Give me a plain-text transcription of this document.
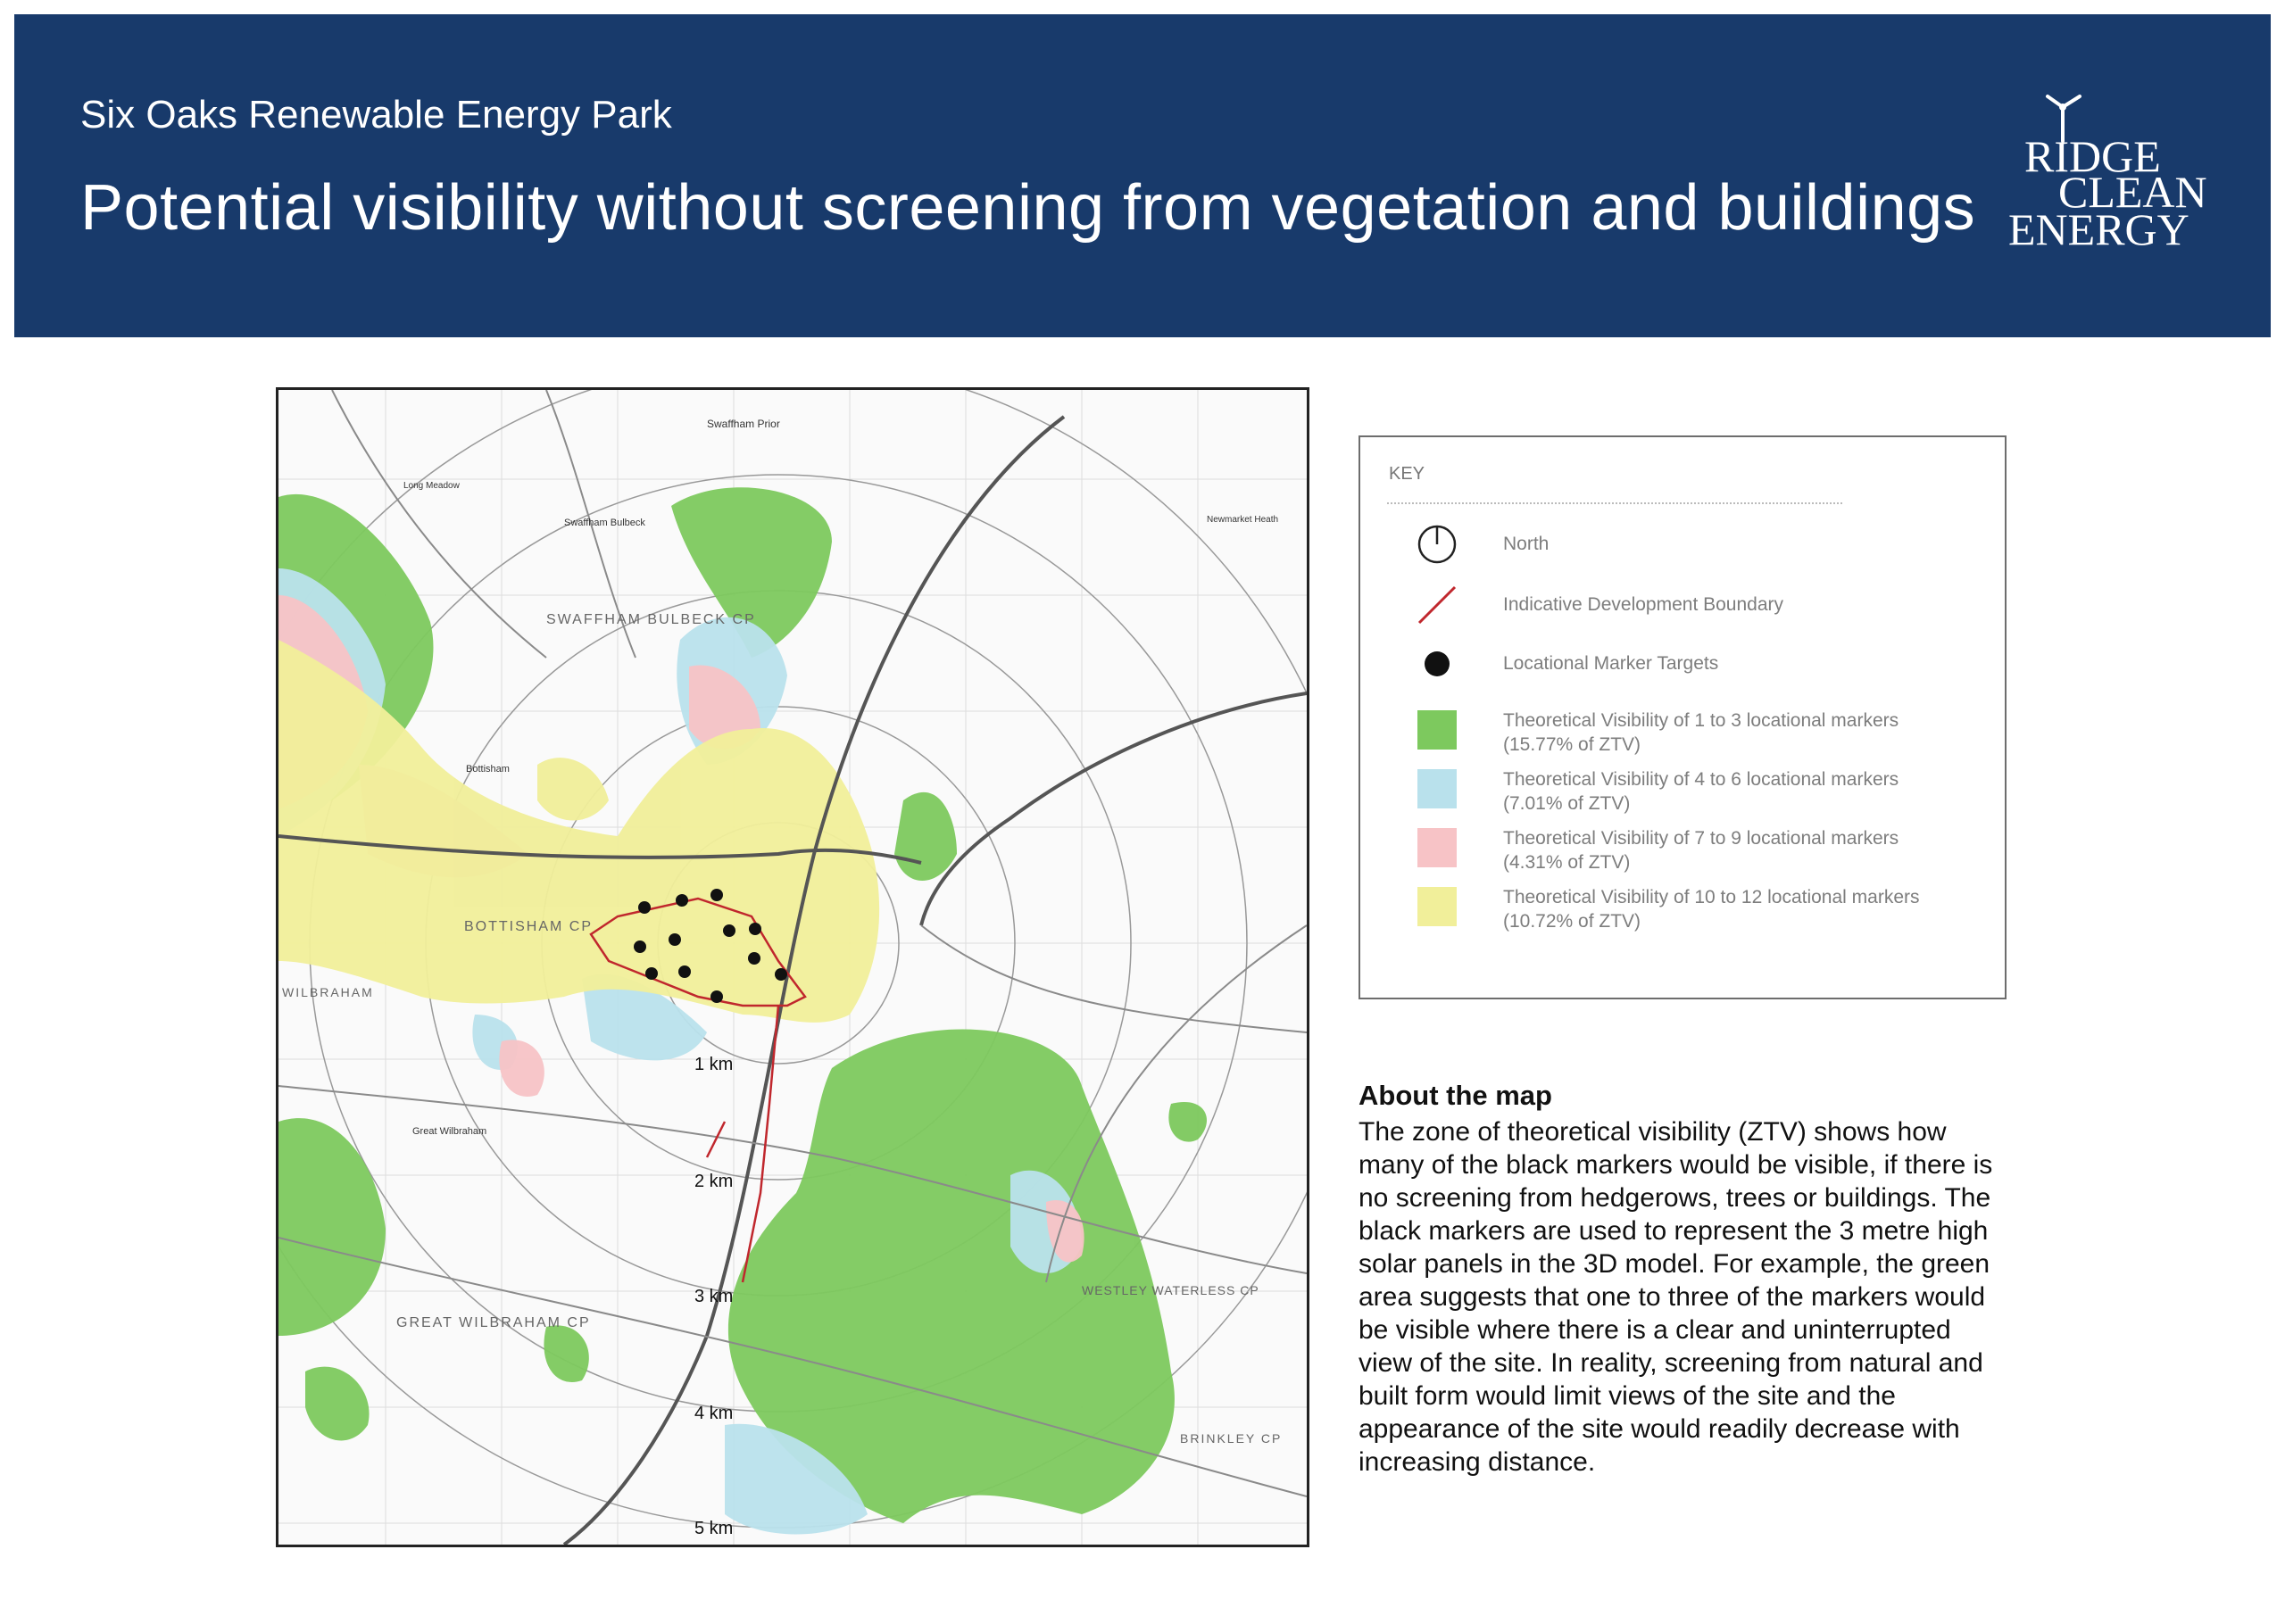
Six Oaks Renewable Energy Park
Potential visibility without screening from vegetation and buildings
RIDGE
CLEAN
ENERGY
1 km
2 km
3 km
4 km
5 km
SWAFFHAM BULBECK CP
Swaffham Prior
Swaffham Bulbeck
Bottisham
BOTTISHAM CP
WILBRAHAM
Great Wilbraham
GREAT WILBRAHAM CP
WESTLEY WATERLESS CP
BRINKLEY CP
Newmarket Heath
Long Meadow
KEY
North
Indicative Development Boundary
Locational Marker Targets
Theoretical Visibility of 1 to 3 locational markers
(15.77% of ZTV)
Theoretical Visibility of 4 to 6 locational markers
(7.01% of ZTV)
Theoretical Visibility of 7 to 9 locational markers
(4.31% of ZTV)
Theoretical Visibility of 10 to 12 locational markers
(10.72% of ZTV)
About the map

The zone of theoretical visibility (ZTV) shows how many of the black markers would be visible, if there is no screening from hedgerows, trees or buildings. The black markers are used to represent the 3 metre high solar panels in the 3D model. For example, the green area suggests that one to three of the markers would be visible where there is a clear and uninterrupted view of the site. In reality, screening from natural and built form would limit views of the site and the appearance of the site would readily decrease with increasing distance.
